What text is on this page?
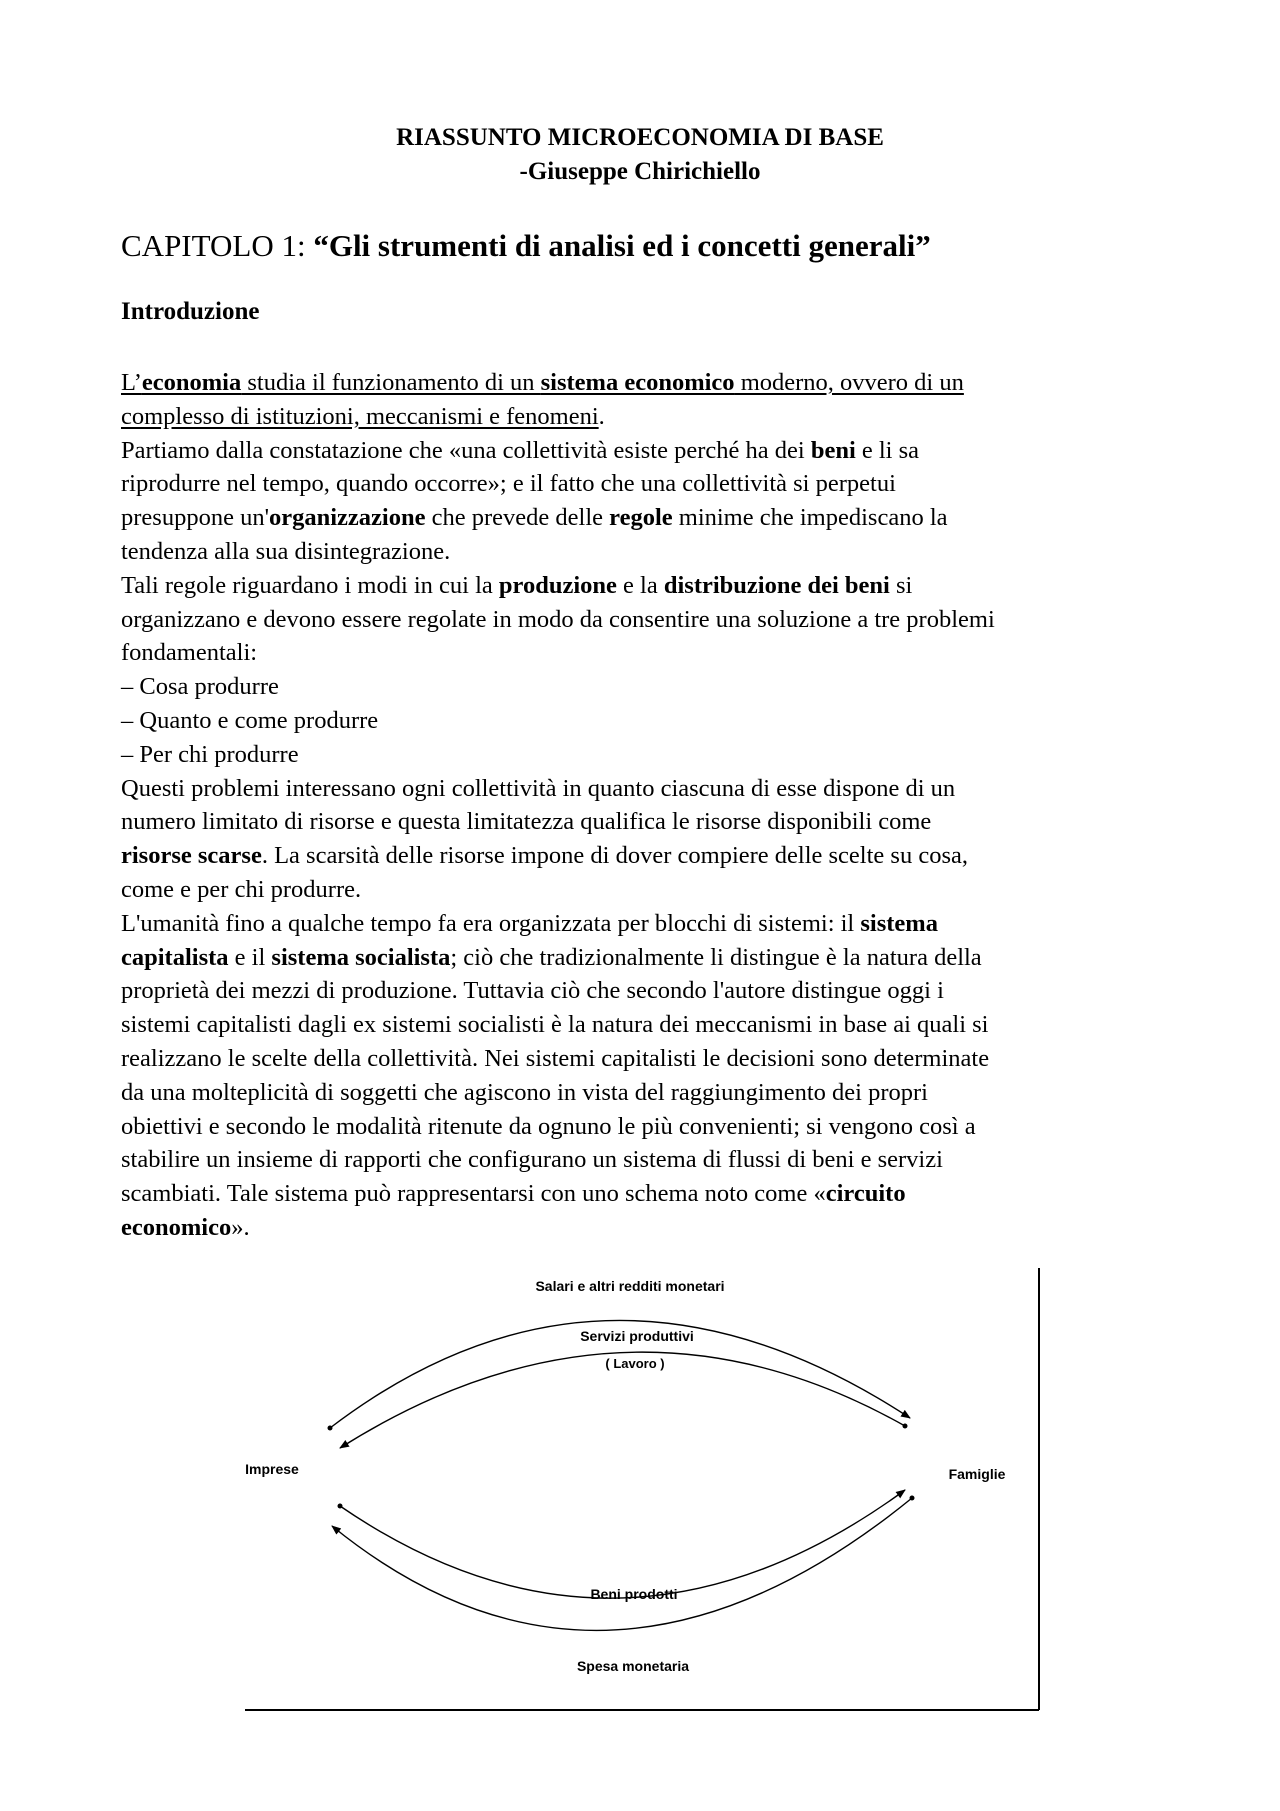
RIASSUNTO MICROECONOMIA DI BASE
-Giuseppe Chirichiello
CAPITOLO 1: “Gli strumenti di analisi ed i concetti generali”
Introduzione
L’economia studia il funzionamento di un sistema economico moderno, ovvero di un
complesso di istituzioni, meccanismi e fenomeni.
Partiamo dalla constatazione che «una collettività esiste perché ha dei beni e li sa
riprodurre nel tempo, quando occorre»; e il fatto che una collettività si perpetui
presuppone un'organizzazione che prevede delle regole minime che impediscano la
tendenza alla sua disintegrazione.
Tali regole riguardano i modi in cui la produzione e la distribuzione dei beni si
organizzano e devono essere regolate in modo da consentire una soluzione a tre problemi
fondamentali:
– Cosa produrre
– Quanto e come produrre
– Per chi produrre
Questi problemi interessano ogni collettività in quanto ciascuna di esse dispone di un
numero limitato di risorse e questa limitatezza qualifica le risorse disponibili come
risorse scarse. La scarsità delle risorse impone di dover compiere delle scelte su cosa,
come e per chi produrre.
L'umanità fino a qualche tempo fa era organizzata per blocchi di sistemi: il sistema
capitalista e il sistema socialista; ciò che tradizionalmente li distingue è la natura della
proprietà dei mezzi di produzione. Tuttavia ciò che secondo l'autore distingue oggi i
sistemi capitalisti dagli ex sistemi socialisti è la natura dei meccanismi in base ai quali si
realizzano le scelte della collettività. Nei sistemi capitalisti le decisioni sono determinate
da una molteplicità di soggetti che agiscono in vista del raggiungimento dei propri
obiettivi e secondo le modalità ritenute da ognuno le più convenienti; si vengono così a
stabilire un insieme di rapporti che configurano un sistema di flussi di beni e servizi
scambiati. Tale sistema può rappresentarsi con uno schema noto come «circuito
economico».
Salari e altri redditi monetari
Servizi produttivi
( Lavoro )
Imprese	Famiglie
Beni prodotti
Spesa monetaria
